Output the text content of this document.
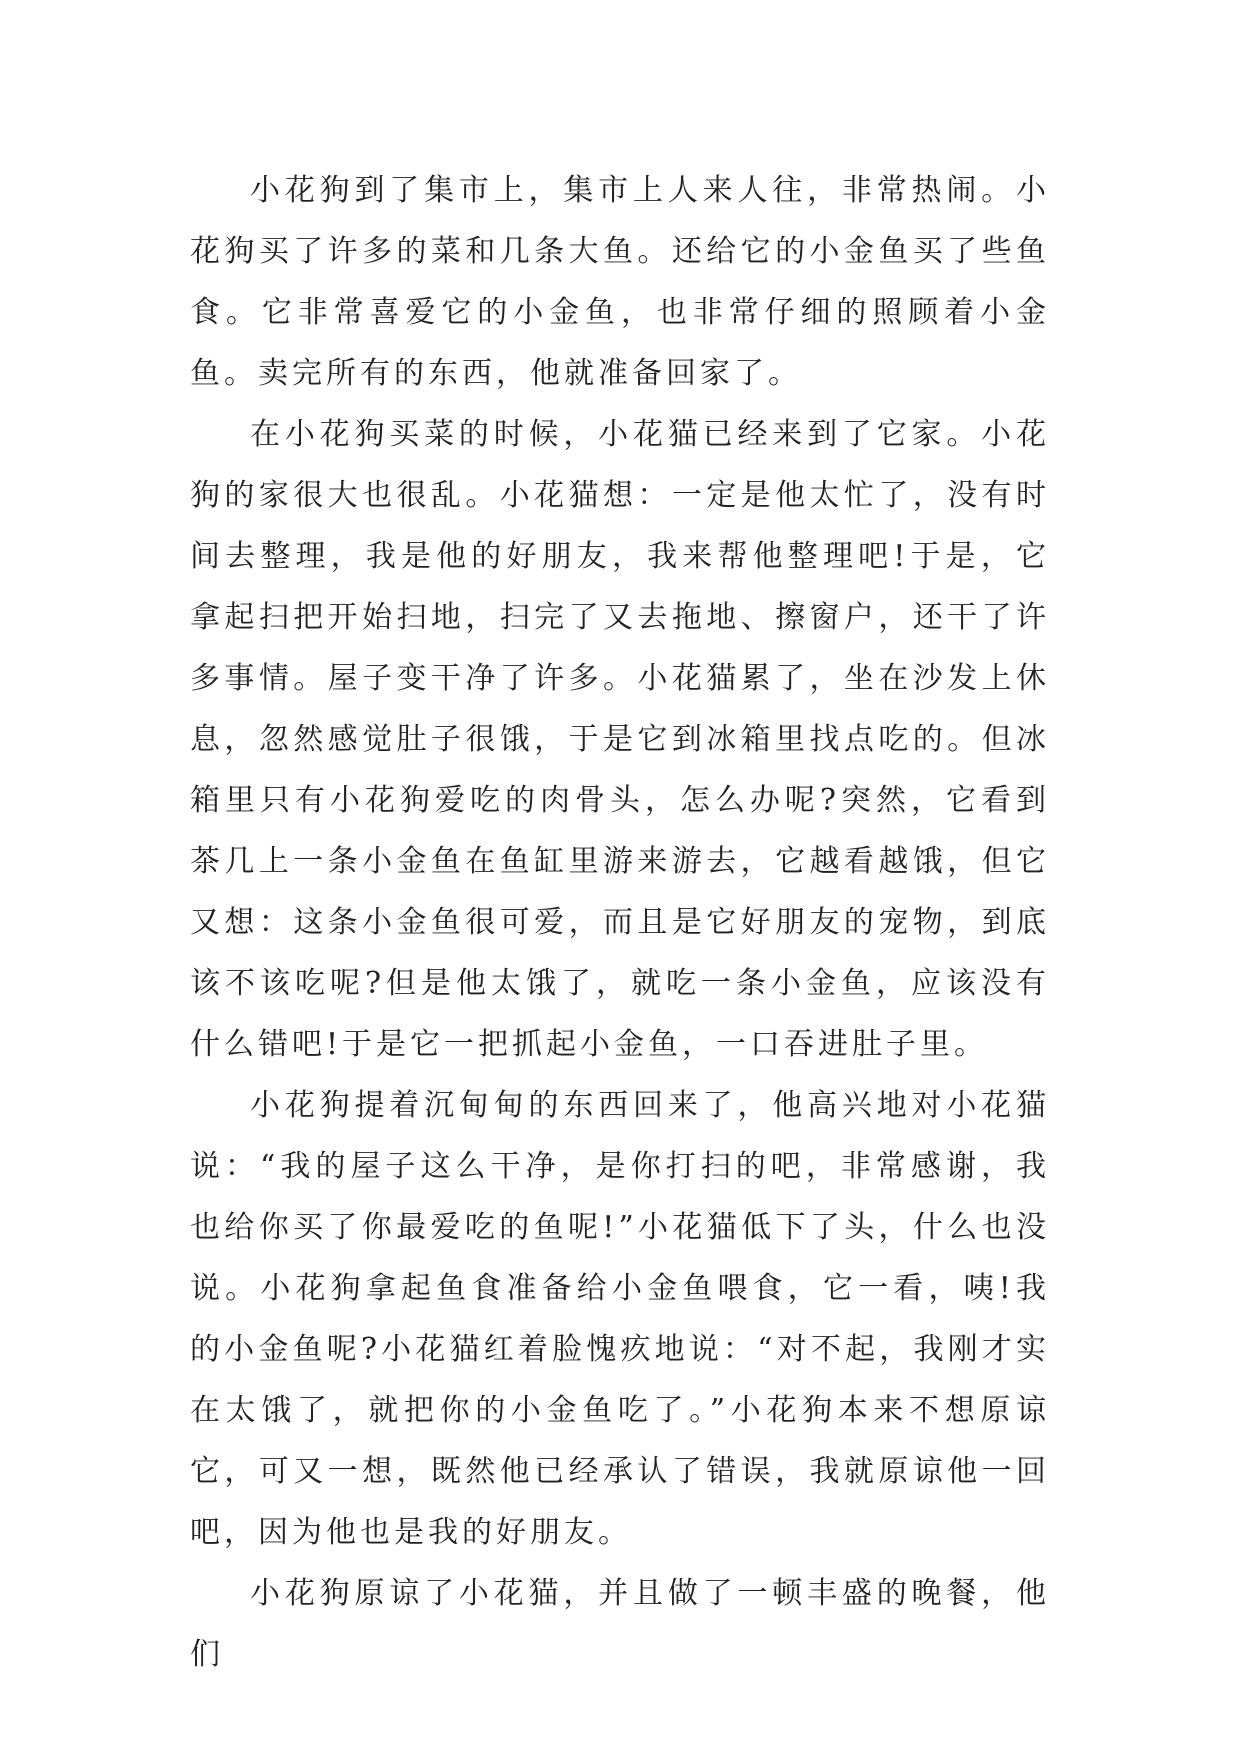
小花狗到了集市上，集市上人来人往，非常热闹。小花狗买了许多的菜和几条大鱼。还给它的小金鱼买了些鱼食。它非常喜爱它的小金鱼，也非常仔细的照顾着小金鱼。卖完所有的东西，他就准备回家了。

在小花狗买菜的时候，小花猫已经来到了它家。小花狗的家很大也很乱。小花猫想：一定是他太忙了，没有时间去整理，我是他的好朋友，我来帮他整理吧!于是，它拿起扫把开始扫地，扫完了又去拖地、擦窗户，还干了许多事情。屋子变干净了许多。小花猫累了，坐在沙发上休息，忽然感觉肚子很饿，于是它到冰箱里找点吃的。但冰箱里只有小花狗爱吃的肉骨头，怎么办呢?突然，它看到茶几上一条小金鱼在鱼缸里游来游去，它越看越饿，但它又想：这条小金鱼很可爱，而且是它好朋友的宠物，到底该不该吃呢?但是他太饿了，就吃一条小金鱼，应该没有什么错吧!于是它一把抓起小金鱼，一口吞进肚子里。

小花狗提着沉甸甸的东西回来了，他高兴地对小花猫说：“我的屋子这么干净，是你打扫的吧，非常感谢，我也给你买了你最爱吃的鱼呢!”小花猫低下了头，什么也没说。小花狗拿起鱼食准备给小金鱼喂食，它一看，咦!我的小金鱼呢?小花猫红着脸愧疚地说：“对不起，我刚才实在太饿了，就把你的小金鱼吃了。”小花狗本来不想原谅它，可又一想，既然他已经承认了错误，我就原谅他一回吧，因为他也是我的好朋友。

小花狗原谅了小花猫，并且做了一顿丰盛的晚餐，他们
